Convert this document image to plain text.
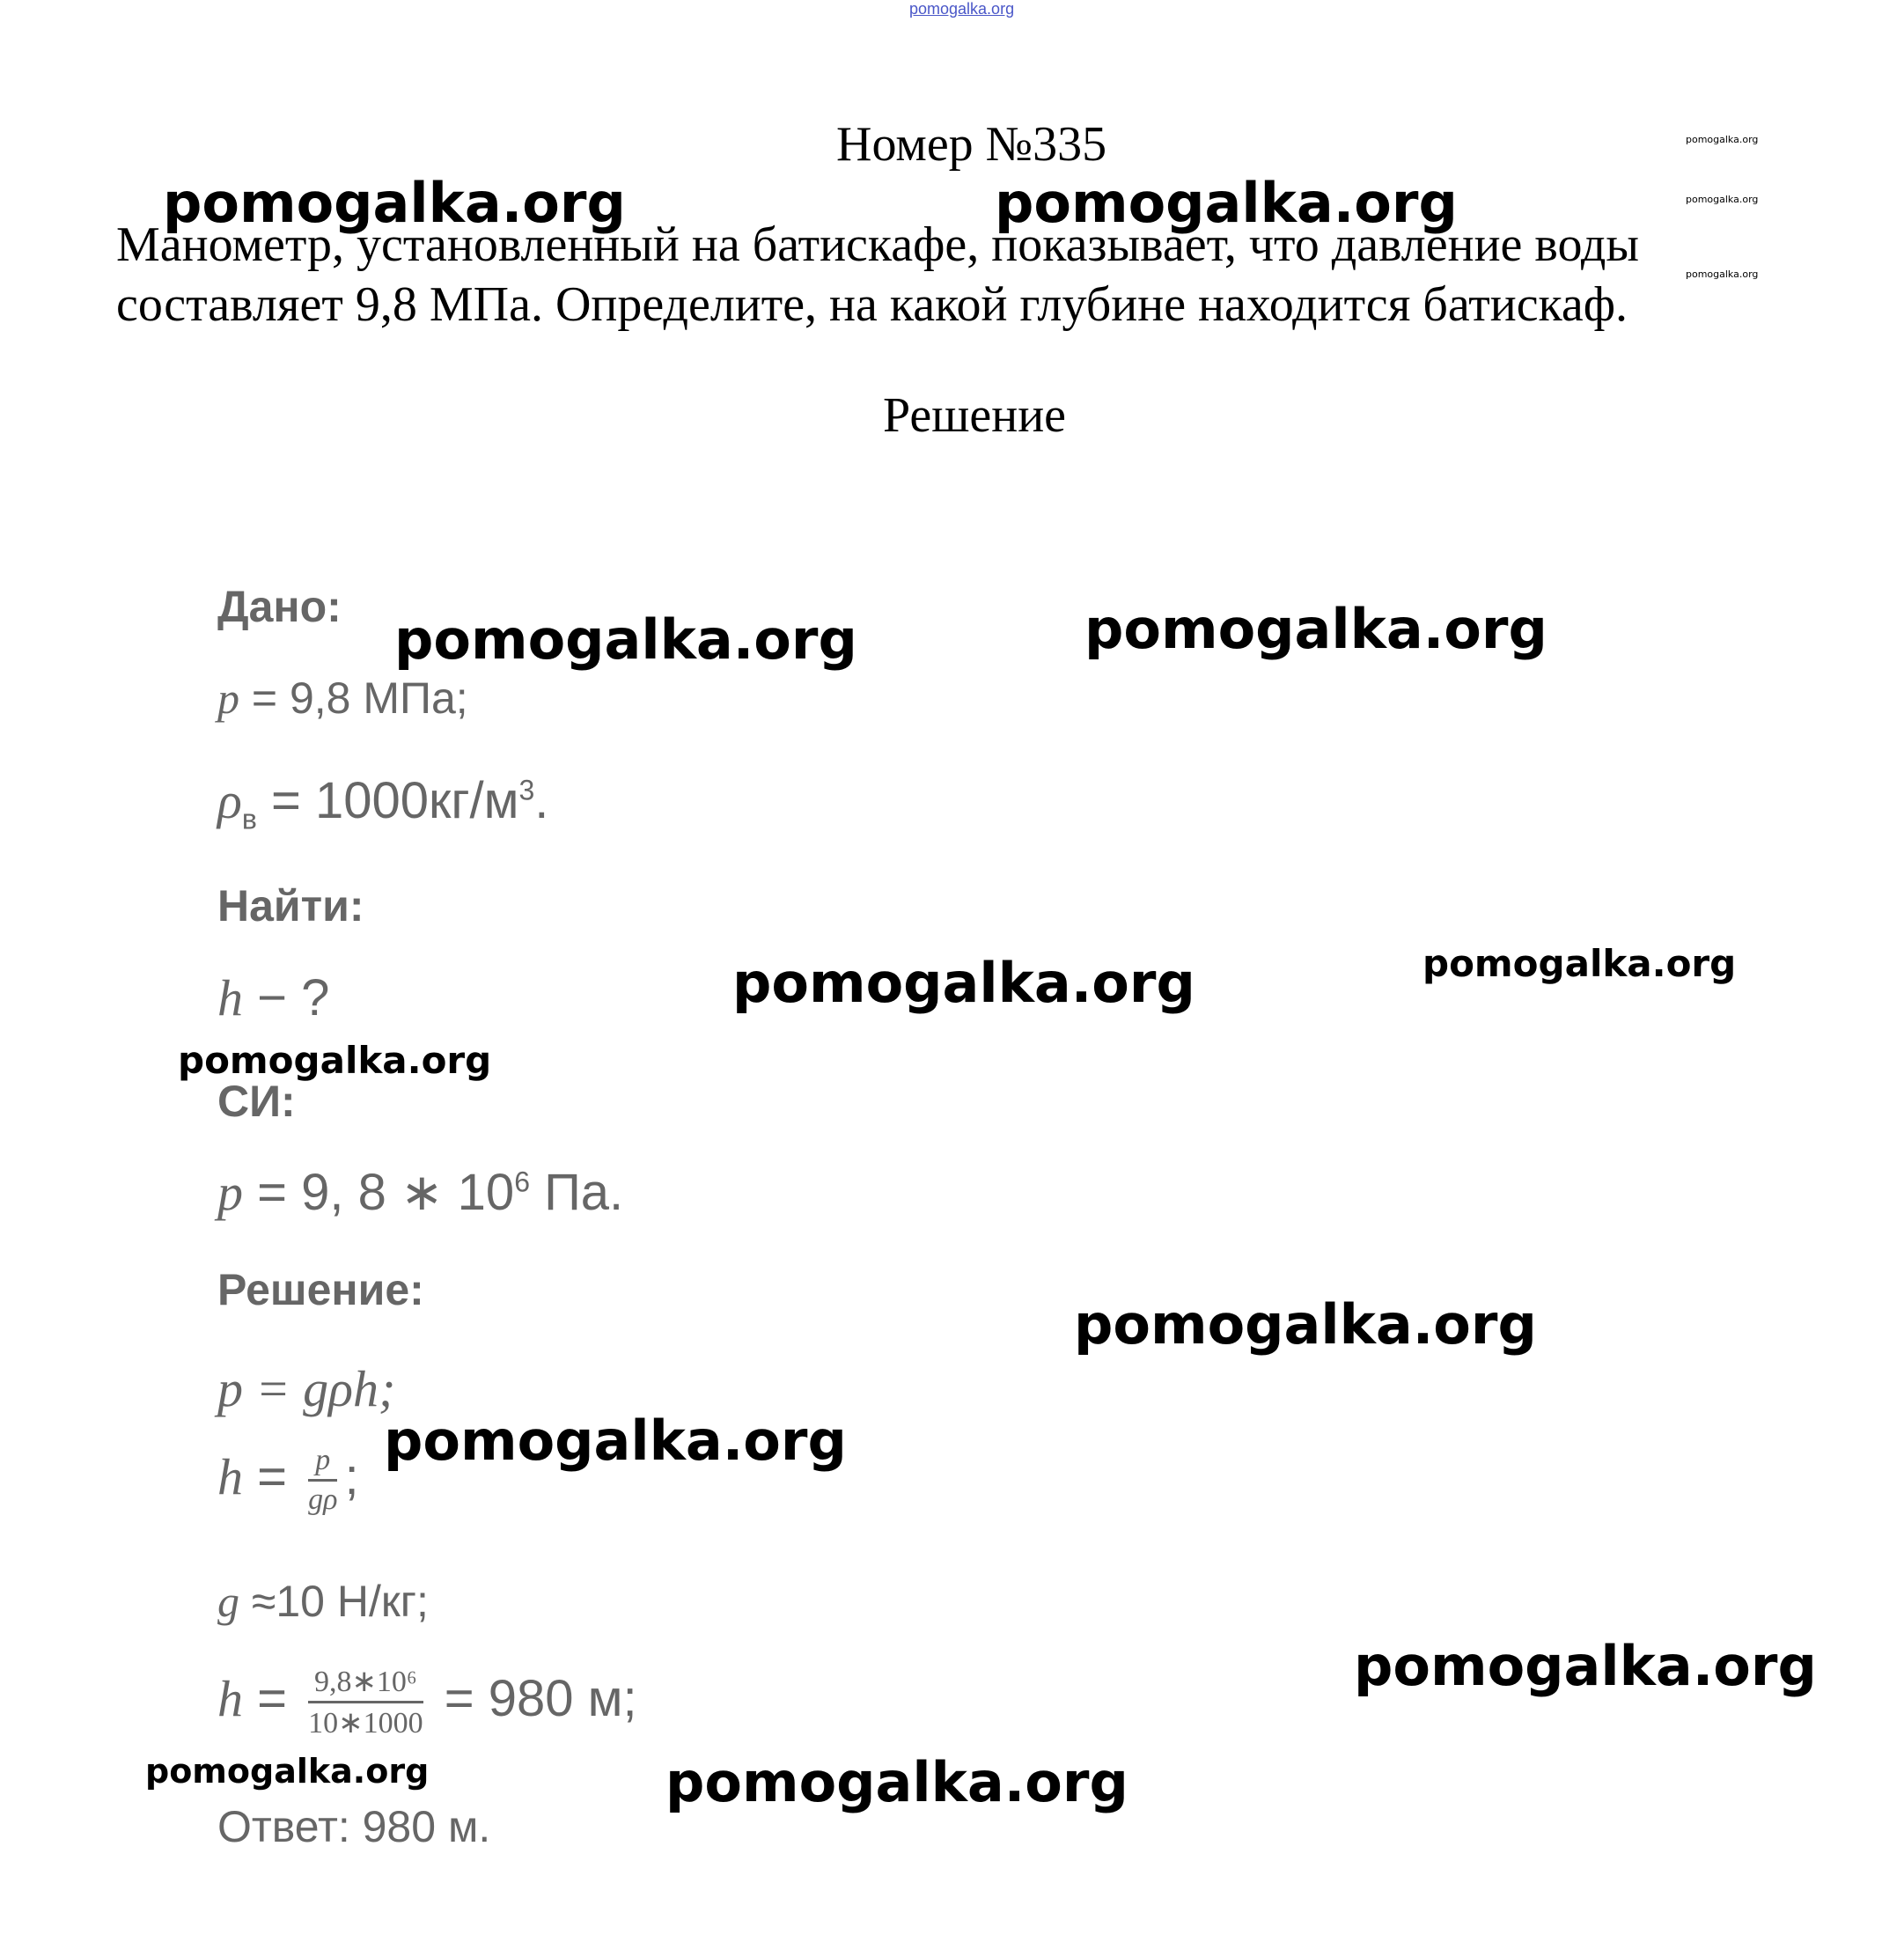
pomogalka.org
Номер №335
Манометр, установленный на батискафе, показывает, что давление воды составляет 9,8 МПа. Определите, на какой глубине находится батискаф.
Решение
Дано:
p = 9,8 МПа;
$\rho_в = 1000кг/м^3$.
Найти:
h − ?
СИ:
p = 9, 8 ∗ $10^6$ Па.
Решение:
p = gρh;
$h = \frac{p}{g\rho}$ ;
g ≈10 Н/кг;
$h = \frac{\text{9,8∗10⁶}}{10∗1000} = 980$ м;
Ответ: 980 м.
pomogalka.org	pomogalka.org
pomogalka.org
pomogalka.org
pomogalka.org
pomogalka.org	pomogalka.org
pomogalka.org	pomogalka.org
pomogalka.org
pomogalka.org
pomogalka.org
pomogalka.org
pomogalka.org	pomogalka.org
